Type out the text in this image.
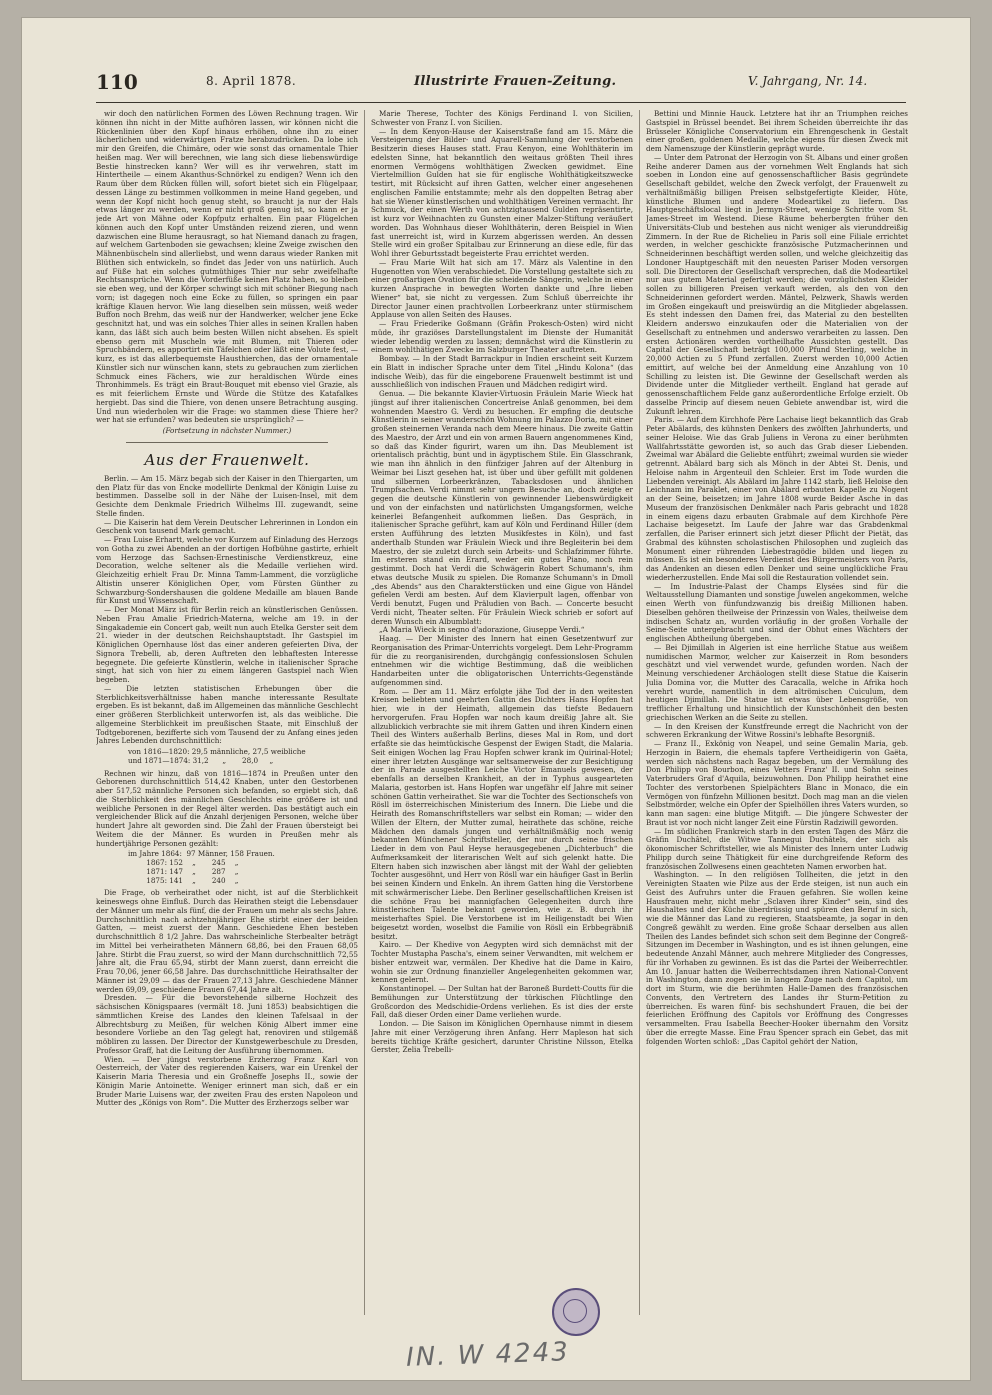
110	8. April 1878.	Illustrirte Frauen-Zeitung.	V. Jahrgang, Nr. 14.

wir doch den natürlichen Formen des Löwen Rechnung tragen. Wir können ihn nicht in der Mitte aufhören lassen, wir können nicht die Rückenlinien über den Kopf hinaus erhöhen, ohne ihn zu einer lächerlichen und widerwärtigen Fratze herabzudrücken. Da lobe ich mir den Greifen, die Chimäre, oder wie sonst das ornamentale Thier heißen mag. Wer will berechnen, wie lang sich diese liebenswürdige Bestie hinstrecken kann? Wer will es ihr verwehren, statt im Hintertheile — einem Akanthus-Schnörkel zu endigen? Wenn ich den Raum über dem Rücken füllen will, sofort bietet sich ein Flügelpaar, dessen Länge zu bestimmen vollkommen in meine Hand gegeben, und wenn der Kopf nicht hoch genug steht, so braucht ja nur der Hals etwas länger zu werden, wenn er nicht groß genug ist, so kann er ja jede Art von Mähne oder Kopfputz erhalten. Ein paar Flügelchen können auch den Kopf unter Umständen reizend zieren, und wenn dazwischen eine Blume herausragt, so hat Niemand danach zu fragen, auf welchem Gartenboden sie gewachsen; kleine Zweige zwischen den Mähnenbüscheln sind allerliebst, und wenn daraus wieder Ranken mit Blüthen sich entwickeln, so findet das Jeder von uns natürlich. Auch auf Füße hat ein solches gutmüthiges Thier nur sehr zweifelhafte Rechtsansprüche. Wenn die Vorderfüße keinen Platz haben, so bleiben sie eben weg, und der Körper schwingt sich mit schöner Biegung nach vorn; ist dagegen noch eine Ecke zu füllen, so springen ein paar kräftige Klauen hervor. Wie lang dieselben sein müssen, weiß weder Buffon noch Brehm, das weiß nur der Handwerker, welcher jene Ecke geschnitzt hat, und was ein solches Thier alles in seinen Krallen haben kann, das läßt sich auch beim besten Willen nicht absehen. Es spielt ebenso gern mit Muscheln wie mit Blumen, mit Thieren oder Spruchbändern, es apportirt ein Täfelchen oder läßt eine Volute fest, — kurz, es ist das allerbequemste Hausthierchen, das der ornamentale Künstler sich nur wünschen kann, stets zu gebrauchen zum zierlichen Schmuck eines Fächers, wie zur heraldischen Würde eines Thronhimmels. Es trägt ein Braut-Bouquet mit ebenso viel Grazie, als es mit feierlichem Ernste und Würde die Stütze des Katafalkes hergiebt. Das sind die Thiere, von denen unsere Betrachtung ausging. Und nun wiederholen wir die Frage: wo stammen diese Thiere her? wer hat sie erfunden? was bedeuten sie ursprünglich? —

(Fortsetzung in nächster Nummer.)

Aus der Frauenwelt.

Berlin. — Am 15. März begab sich der Kaiser in den Thiergarten, um den Platz für das von Encke modellirte Denkmal der Königin Luise zu bestimmen. Dasselbe soll in der Nähe der Luisen-Insel, mit dem Gesichte dem Denkmale Friedrich Wilhelms III. zugewandt, seine Stelle finden.

— Die Kaiserin hat dem Verein Deutscher Lehrerinnen in London ein Geschenk von tausend Mark gemacht.

— Frau Luise Erhartt, welche vor Kurzem auf Einladung des Herzogs von Gotha zu zwei Abenden an der dortigen Hofbühne gastirte, erhielt vom Herzoge das Sachsen-Ernestinische Verdienstkreuz, eine Decoration, welche seltener als die Medaille verliehen wird. Gleichzeitig erhielt Frau Dr. Minna Tamm-Lamment, die vorzügliche Altistin unserer Königlichen Oper, vom Fürsten Günther zu Schwarzburg-Sondershausen die goldene Medaille am blauen Bande für Kunst und Wissenschaft.

— Der Monat März ist für Berlin reich an künstlerischen Genüssen. Neben Frau Amalie Friedrich-Materna, welche am 19. in der Singakademie ein Concert gab, weilt nun auch Etelka Gerster seit dem 21. wieder in der deutschen Reichshauptstadt. Ihr Gastspiel im Königlichen Opernhause löst das einer anderen gefeierten Diva, der Signora Trebelli, ab, deren Auftreten den lebhaftesten Interesse begegnete. Die gefeierte Künstlerin, welche in italienischer Sprache singt, hat sich von hier zu einem längeren Gastspiel nach Wien begeben.

— Die letzten statistischen Erhebungen über die Sterblichkeitsverhältnisse haben manche interessante Resultate ergeben. Es ist bekannt, daß im Allgemeinen das männliche Geschlecht einer größeren Sterblichkeit unterworfen ist, als das weibliche. Die allgemeine Sterblichkeit im preußischen Staate, mit Einschluß der Todtgeborenen, bezifferte sich vom Tausend der zu Anfang eines jeden Jahres Lebenden durchschnittlich:

von 1816—1820: 29,5 männliche, 27,5 weibliche
und 1871—1874: 31,2      „       28,0     „

Rechnen wir hinzu, daß von 1816—1874 in Preußen unter den Geborenen durchschnittlich 514,42 Knaben, unter den Gestorbenen aber 517,52 männliche Personen sich befanden, so ergiebt sich, daß die Sterblichkeit des männlichen Geschlechts eine größere ist und weibliche Personen in der Regel älter werden. Das bestätigt auch ein vergleichender Blick auf die Anzahl derjenigen Personen, welche über hundert Jahre alt geworden sind. Die Zahl der Frauen übersteigt bei Weitem die der Männer. Es wurden in Preußen mehr als hundertjährige Personen gezählt:

im Jahre 1864:  97 Männer, 158 Frauen.
1867: 152    „       245    „
1871: 147    „       287    „
1875: 141    „       240    „

Die Frage, ob verheirathet oder nicht, ist auf die Sterblichkeit keineswegs ohne Einfluß. Durch das Heirathen steigt die Lebensdauer der Männer um mehr als fünf, die der Frauen um mehr als sechs Jahre. Durchschnittlich nach achtzehnjähriger Ehe stirbt einer der beiden Gatten, — meist zuerst der Mann. Geschiedene Ehen besteben durchschnittlich 8 1/2 Jahre. Das wahrscheinliche Sterbealter beträgt im Mittel bei verheiratheten Männern 68,86, bei den Frauen 68,05 Jahre. Stirbt die Frau zuerst, so wird der Mann durchschnittlich 72,55 Jahre alt, die Frau 65,94, stirbt der Mann zuerst, dann erreicht die Frau 70,06, jener 66,58 Jahre. Das durchschnittliche Heirathsalter der Männer ist 29,09 — das der Frauen 27,13 Jahre. Geschiedene Männer werden 69,09, geschiedene Frauen 67,44 Jahre alt.

Dresden. — Für die bevorstehende silberne Hochzeit des sächsischen Königspaares (vermält 18. Juni 1853) beabsichtigen die sämmtlichen Kreise des Landes den kleinen Tafelsaal in der Albrechtsburg zu Meißen, für welchen König Albert immer eine besondere Vorliebe an den Tag gelegt hat, renoviren und stilgemäß möbliren zu lassen. Der Director der Kunstgewerbeschule zu Dresden, Professor Graff, hat die Leitung der Ausführung übernommen.

Wien. — Der jüngst verstorbene Erzherzog Franz Karl von Oesterreich, der Vater des regierenden Kaisers, war ein Urenkel der Kaiserin Maria Theresia und ein Großneffe Josephs II., sowie der Königin Marie Antoinette. Weniger erinnert man sich, daß er ein Bruder Marie Luisens war, der zweiten Frau des ersten Napoleon und Mutter des „Königs von Rom“. Die Mutter des Erzherzogs selber war

Marie Therese, Tochter des Königs Ferdinand I. von Sicilien, Schwester von Franz I. von Sicilien.

— In dem Kenyon-Hause der Kaiserstraße fand am 15. März die Versteigerung der Bilder- und Aquarell-Sammlung der verstorbenen Besitzerin dieses Hauses statt. Frau Kenyon, eine Wohlthäterin im edelsten Sinne, hat bekanntlich den weitaus größten Theil ihres enormen Vermögens wohlthätigen Zwecken gewidmet. Eine Viertelmillion Gulden hat sie für englische Wohlthätigkeitszwecke testirt, mit Rücksicht auf ihren Gatten, welcher einer angesehenen englischen Familie entstammte; mehr als den doppelten Betrag aber hat sie Wiener künstlerischen und wohlthätigen Vereinen vermacht. Ihr Schmuck, der einen Werth von achtzigtausend Gulden repräsentirte, ist kurz vor Weihnachten zu Gunsten einer Malzer-Stiftung veräußert worden. Das Wohnhaus dieser Wohlthäterin, deren Beispiel in Wien fast unerreicht ist, wird in Kurzem abgerissen werden. An dessen Stelle wird ein großer Spitalbau zur Erinnerung an diese edle, für das Wohl ihrer Geburtsstadt begeisterte Frau errichtet werden.

— Frau Marie Wilt hat sich am 17. März als Valentine in den Hugenotten von Wien verabschiedet. Die Vorstellung gestaltete sich zu einer großartigen Ovation für die scheidende Sängerin, welche in einer kurzen Ansprache in bewegten Worten dankte und „Ihre lieben Wiener“ bat, sie nicht zu vergessen. Zum Schluß überreichte ihr Director Jauner einen prachtvollen Lorbeerkranz unter stürmischem Applause von allen Seiten des Hauses.

— Frau Friederike Goßmann (Gräfin Prokesch-Osten) wird nicht müde, ihr graziöses Darstellungstalent im Dienste der Humanität wieder lebendig werden zu lassen; demnächst wird die Künstlerin zu einem wohlthätigen Zwecke im Salzburger Theater auftreten.

Bombay. — In der Stadt Barrackpur in Indien erscheint seit Kurzem ein Blatt in indischer Sprache unter dem Titel „Hindu Kolona“ (das indische Weib), das für die eingeborene Frauenwelt bestimmt ist und ausschließlich von indischen Frauen und Mädchen redigirt wird.

Genua. — Die bekannte Klavier-Virtuosin Fräulein Marie Wieck hat jüngst auf ihrer italienischen Concertreise Anlaß genommen, bei dem wohnenden Maestro G. Verdi zu besuchen. Er empfing die deutsche Künstlerin in seiner wunderschön Wohnung im Palazzo Doria, mit einer großen steinernen Veranda nach dem Meere hinaus. Die zweite Gattin des Maestro, der Arzt und ein von armen Bauern angenommenes Kind, so daß das Kinder figurirt, waren um ihn. Das Meublement ist orientalisch prächtig, bunt und in ägyptischem Stile. Ein Glasschrank, wie man ihn ähnlich in den fünfziger Jahren auf der Altenburg in Weimar bei Liszt gesehen hat, ist über und über gefüllt mit goldenen und silbernen Lorbeerkränzen, Tabacksdosen und ähnlichen Trumpfsachen. Verdi nimmt sehr ungern Besuche an, doch zeigte er gegen die deutsche Künstlerin von gewinnender Liebenswürdigkeit und von der einfachsten und natürlichsten Umgangsformen, welche keinerlei Befangenheit aufkommen ließen. Das Gespräch, in italienischer Sprache geführt, kam auf Köln und Ferdinand Hiller (dem ersten Aufführung des letzten Musikfestes in Köln), und fast anderthalb Stunden war Fräulein Wieck und ihre Begleiterin bei dem Maestro, der sie zuletzt durch sein Arbeits- und Schlafzimmer führte. Im ersteren stand ein Erard, weder ein gutes Piano, noch rein gestimmt. Doch hat Verdi die Schwägerin Robert Schumann's, ihm etwas deutsche Musik zu spielen. Die Romanze Schumann's in Dmoll „des Abends“ aus den Charakterstücken und eine Gigue von Händel gefielen Verdi am besten. Auf dem Klavierpult lagen, offenbar von Verdi benutzt, Fugen und Präludien von Bach. — Concerte besucht Verdi nicht, Theater selten. Für Fräulein Wieck schrieb er sofort auf deren Wunsch ein Albumblatt:

„A Maria Wieck in segno d'adorazione, Giuseppe Verdi.“

Haag. — Der Minister des Innern hat einen Gesetzentwurf zur Reorganisation des Primar-Unterrichts vorgelegt. Dem Lehr-Programm für die zu reorganisirenden, durchgängig confessionslosen Schulen entnehmen wir die wichtige Bestimmung, daß die weiblichen Handarbeiten unter die obligatorischen Unterrichts-Gegenstände aufgenommen sind.

Rom. — Der am 11. März erfolgte jähe Tod der in den weitesten Kreisen beliebten und geehrten Gattin des Dichters Hans Hopfen hat hier, wie in der Heimath, allgemein das tiefste Bedauern hervorgerufen. Frau Hopfen war noch kaum dreißig Jahre alt. Sie allzublickich verbrachte sie mit ihrem Gatten und ihren Kindern einen Theil des Winters außerhalb Berlins, dieses Mal in Rom, und dort erfaßte sie das heimtückische Gespenst der Ewigen Stadt, die Malaria. Seit einigen Wochen lag Frau Hopfen schwer krank im Quirinal-Hotel; einer ihrer letzten Ausgänge war seltsamerweise der zur Besichtigung der in Parade ausgestellten Leiche Victor Emanuels gewesen, der ebenfalls an derselben Krankheit, an der in Typhus ausgearteten Malaria, gestorben ist. Hans Hopfen war ungefähr elf Jahre mit seiner schönen Gattin verheirathet. Sie war die Tochter des Sectionschefs von Rösll im österreichischen Ministerium des Innern. Die Liebe und die Heirath des Romanschriftstellers war selbst ein Roman; — wider den Willen der Eltern, der Mutter zumal, heirathete das schöne, reiche Mädchen den damals jungen und verhältnißmäßig noch wenig bekannten Münchener Schriftsteller, der nur durch seine frischen Lieder in dem von Paul Heyse herausgegebenen „Dichterbuch“ die Aufmerksamkeit der literarischen Welt auf sich gelenkt hatte. Die Eltern haben sich inzwischen aber längst mit der Wahl der geliebten Tochter ausgesöhnt, und Herr von Rösll war ein häufiger Gast in Berlin bei seinen Kindern und Enkeln. An ihrem Gatten hing die Verstorbene mit schwärmerischer Liebe. Den Berliner gesellschaftlichen Kreisen ist die schöne Frau bei mannigfachen Gelegenheiten durch ihre künstlerischen Talente bekannt geworden, wie z. B. durch ihr meisterhaftes Spiel. Die Verstorbene ist im Heiligenstadt bei Wien beigesetzt worden, woselbst die Familie von Rösll ein Erbbegräbniß besitzt.

Kairo. — Der Khedive von Aegypten wird sich demnächst mit der Tochter Mustapha Pascha's, einem seiner Verwandten, mit welchem er bisher entzweit war, vermälen. Der Khedive hat die Dame in Kairo, wohin sie zur Ordnung finanzieller Angelegenheiten gekommen war, kennen gelernt.

Konstantinopel. — Der Sultan hat der Baroneß Burdett-Coutts für die Bemühungen zur Unterstützung der türkischen Flüchtlinge den Großcordon des Medschidie-Ordens verliehen. Es ist dies der erste Fall, daß dieser Orden einer Dame verliehen wurde.

London. — Die Saison im Königlichen Opernhause nimmt in diesem Jahre mit einer Verzögerung ihren Anfang. Herr Mapleson hat sich bereits tüchtige Kräfte gesichert, darunter Christine Nilsson, Etelka Gerster, Zelia Trebelli-

Bettini und Minnie Hauck. Letztere hat ihr an Triumphen reiches Gastspiel in Brüssel beendet. Bei ihrem Scheiden überreichte ihr das Brüsseler Königliche Conservatorium ein Ehrengeschenk in Gestalt einer großen, goldenen Medaille, welche eigens für diesen Zweck mit dem Namenszuge der Künstlerin geprägt wurde.

— Unter dem Patronat der Herzogin von St. Albans und einer großen Reihe anderer Damen aus der vornehmen Welt Englands hat sich soeben in London eine auf genossenschaftlicher Basis gegründete Gesellschaft gebildet, welche den Zweck verfolgt, der Frauenwelt zu verhältnißmäßig billigen Preisen selbstgefertigte Kleider, Hüte, künstliche Blumen und andere Modeartikel zu liefern. Das Hauptgeschäftslocal liegt in Jermyn-Street, wenige Schritte vom St. James-Street im Westend. Diese Räume beherbergten früher den Universitäts-Club und bestehen aus nicht weniger als vierunddreißig Zimmern. In der Rue de Richelieu in Paris soll eine Filiale errichtet werden, in welcher geschickte französische Putzmacherinnen und Schneiderinnen beschäftigt werden sollen, und welche gleichzeitig das Londoner Hauptgeschäft mit den neuesten Pariser Moden versorgen soll. Die Directoren der Gesellschaft versprechen, daß die Modeartikel nur aus gutem Material gefertigt werden; die vorzüglichsten Kleider sollen zu billigeren Preisen verkauft werden, als den von den Schneiderinnen gefordert werden. Mäntel, Pelzwerk, Shawls werden im Großen eingekauft und preiswürdig an die Mitglieder abgelassen. Es steht indessen den Damen frei, das Material zu den bestellten Kleidern anderswo einzukaufen oder die Materialien von der Gesellschaft zu entnehmen und anderswo verarbeiten zu lassen. Den ersten Actionären werden vortheilhafte Aussichten gestellt. Das Capital der Gesellschaft beträgt 100,000 Pfund Sterling, welche in 20,000 Actien zu 5 Pfund zerfallen. Zuerst werden 10,000 Actien emittirt, auf welche bei der Anmeldung eine Anzahlung von 10 Schilling zu leisten ist. Die Gewinne der Gesellschaft werden als Dividende unter die Mitglieder vertheilt. England hat gerade auf genossenschaftlichem Felde ganz außerordentliche Erfolge erzielt. Ob dasselbe Princip auf diesem neuen Gebiete anwendbar ist, wird die Zukunft lehren.

Paris. — Auf dem Kirchhofe Père Lachaise liegt bekanntlich das Grab Peter Abälards, des kühnsten Denkers des zwölften Jahrhunderts, und seiner Heloise. Wie das Grab Juliens in Verona zu einer berühmten Wallfahrtsstätte geworden ist, so auch das Grab dieser Liebenden. Zweimal war Abälard die Geliebte entführt; zweimal wurden sie wieder getrennt. Abälard barg sich als Mönch in der Abtei St. Denis, und Heloise nahm in Argenteuil den Schleier. Erst im Tode wurden die Liebenden vereinigt. Als Abälard im Jahre 1142 starb, ließ Heloise den Leichnam im Paraklet, einer von Abälard erbauten Kapelle zu Nogent an der Seine, beisetzen; im Jahre 1808 wurde Beider Asche in das Museum der französischen Denkmäler nach Paris gebracht und 1828 in einem eigens dazu erbauten Grabmale auf dem Kirchhofe Père Lachaise beigesetzt. Im Laufe der Jahre war das Grabdenkmal zerfallen, die Pariser erinnert sich jetzt dieser Pflicht der Pietät, das Grabmal des kühnsten scholastischen Philosophen und zugleich das Monument einer rührenden Liebestragödie bilden und liegen zu müssen. Es ist ein besonderes Verdienst des Bürgermeisters von Paris, das Andenken an diesen edlen Denker und seine unglückliche Frau wiederherzustellen. Ende Mai soll die Restauration vollendet sein.

— Im Industrie-Palast der Champs Elysées sind für die Weltausstellung Diamanten und sonstige Juwelen angekommen, welche einen Werth von fünfundzwanzig bis dreißig Millionen haben. Dieselben gehören theilweise der Prinzessin von Wales, theilweise dem indischen Schatz an, wurden vorläufig in der großen Vorhalle der Seine-Seite untergebracht und sind der Obhut eines Wächters der englischen Abtheilung übergeben.

— Bei Djimillah in Algerien ist eine herrliche Statue aus weißem numidischen Marmor, welcher zur Kaiserzeit in Rom besonders geschätzt und viel verwendet wurde, gefunden worden. Nach der Meinung verschiedener Archäologen stellt diese Statue die Kaiserin Julia Domina vor, die Mutter des Caracalla, welche in Afrika hoch verehrt wurde, namentlich in dem altrömischen Cuiculum, dem heutigen Djimillah. Die Statue ist etwas über Lebensgröße, von trefflicher Erhaltung und hinsichtlich der Kunstschönheit den besten griechischen Werken an die Seite zu stellen.

— In den Kreisen der Kunstfreunde erregt die Nachricht von der schweren Erkrankung der Witwe Rossini's lebhafte Besorgniß.

— Franz II., Exkönig von Neapel, und seine Gemalin Maria, geb. Herzogin in Baiern, die ehemals tapfere Vertheidigerin von Gaëta, werden sich nächstens nach Ragaz begeben, um der Vermälung des Don Philipp von Bourbon, eines Vetters Franz' II. und Sohn seines Vaterbruders Graf d'Aquila, beizuwohnen. Don Philipp heirathet eine Tochter des verstorbenen Spielpächters Blanc in Monaco, die ein Vermögen von fünfzehn Millionen besitzt. Doch mag man an die vielen Selbstmörder, welche ein Opfer der Spielhöllen ihres Vaters wurden, so kann man sagen: eine blutige Mitgift. — Die jüngere Schwester der Braut ist vor noch nicht langer Zeit eine Fürstin Radziwill geworden.

— Im südlichen Frankreich starb in den ersten Tagen des März die Gräfin Duchâtel, die Witwe Tannegui Duchâtels, der sich als ökonomischer Schriftsteller, wie als Minister des Innern unter Ludwig Philipp durch seine Thätigkeit für eine durchgreifende Reform des französischen Zollwesens einen geachteten Namen erworben hat.

Washington. — In den religiösen Tollheiten, die jetzt in den Vereinigten Staaten wie Pilze aus der Erde steigen, ist nun auch ein Geist des Aufruhrs unter die Frauen gefahren. Sie wollen keine Hausfrauen mehr, nicht mehr „Sclaven ihrer Kinder“ sein, sind des Haushaltes und der Küche überdrüssig und spüren den Beruf in sich, wie die Männer das Land zu regieren, Staatsbeamte, ja sogar in den Congreß gewählt zu werden. Eine große Schaar derselben aus allen Theilen des Landes befindet sich schon seit dem Beginne der Congreß-Sitzungen im December in Washington, und es ist ihnen gelungen, eine bedeutende Anzahl Männer, auch mehrere Mitglieder des Congresses, für ihr Vorhaben zu gewinnen. Es ist das die Partei der Weiberrechtler. Am 10. Januar hatten die Weiberrechtsdamen ihren National-Convent in Washington, dann zogen sie in langem Zuge nach dem Capitol, um dort im Sturm, wie die berühmten Halle-Damen des französischen Convents, den Vertretern des Landes ihr Sturm-Petition zu überreichen. Es waren fünf- bis sechshundert Frauen, die bei der feierlichen Eröffnung des Capitols vor Eröffnung des Congresses versammelten. Frau Isabella Beecher-Hooker übernahm den Vorsitz über die erregte Masse. Eine Frau Spencer sprach ein Gebet, das mit folgenden Worten schloß: „Das Capitol gehört der Nation,

IN. W 4243
